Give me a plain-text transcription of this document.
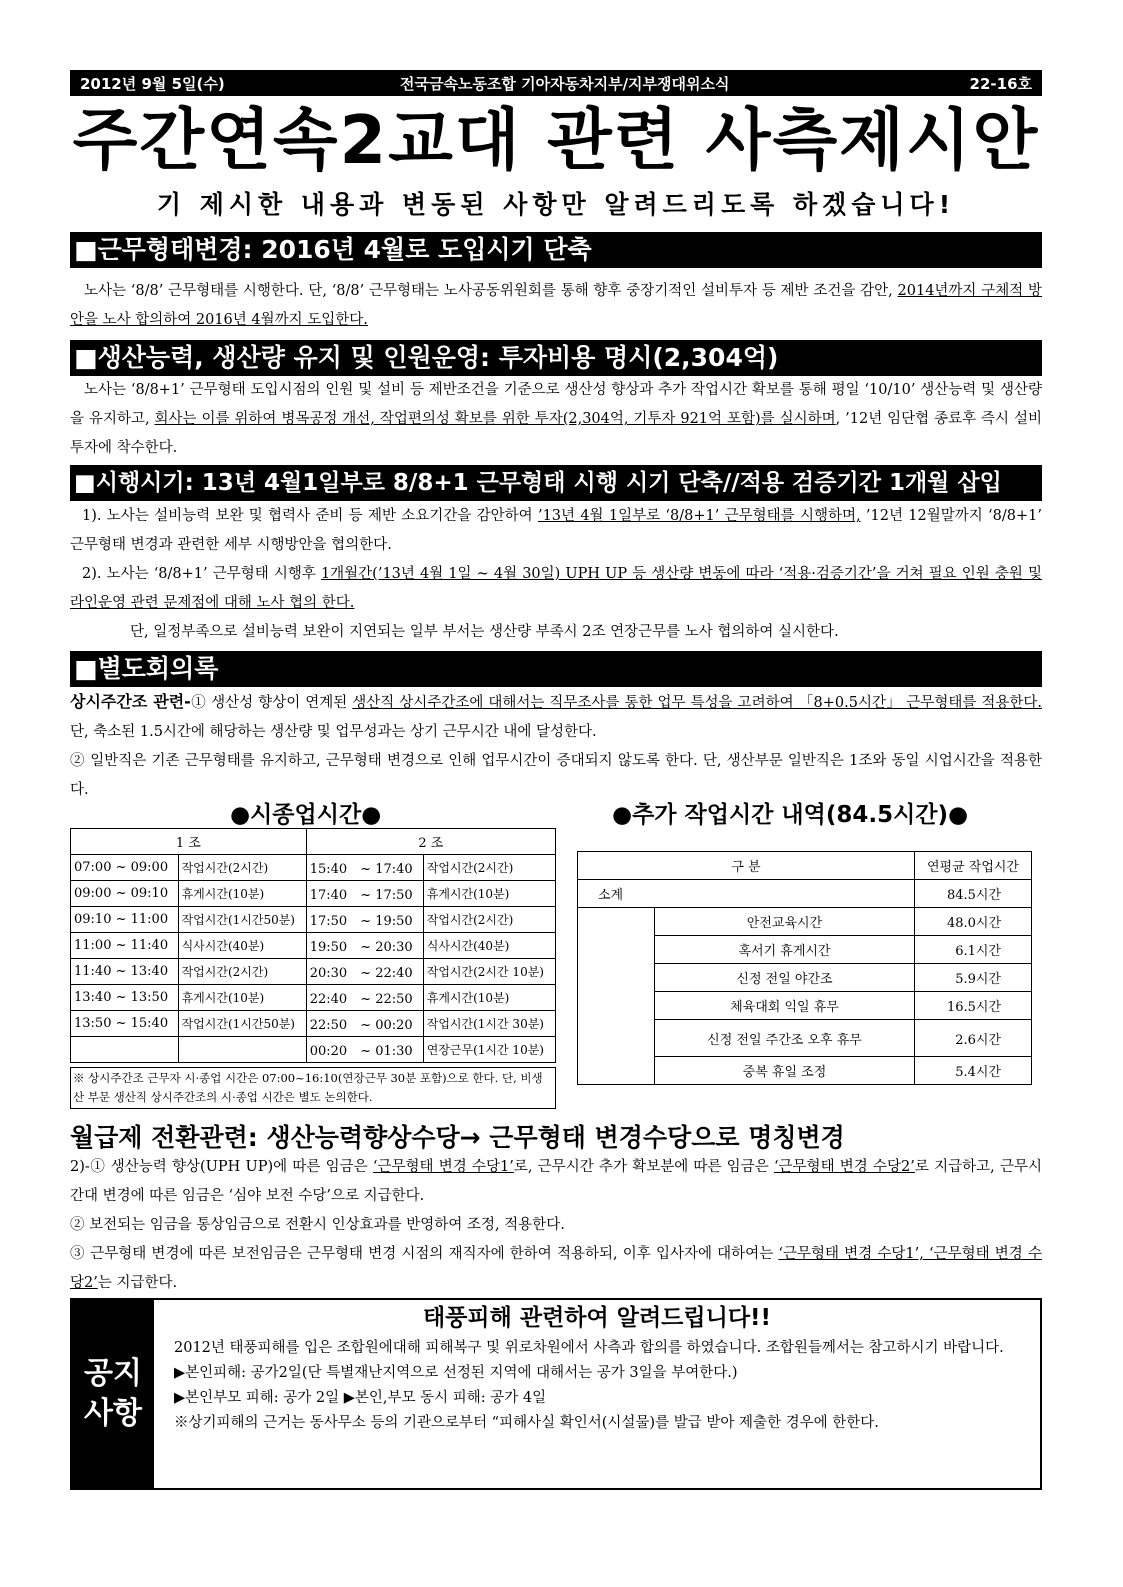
2012년 9월 5일(수)	전국금속노동조합 기아자동차지부/지부쟁대위소식	22-16호
주간연속2교대 관련 사측제시안
기 제시한 내용과 변동된 사항만 알려드리도록 하겠습니다!
■근무형태변경: 2016년 4월로 도입시기 단축

노사는 ‘8/8’ 근무형태를 시행한다. 단, ‘8/8’ 근무형태는 노사공동위원회를 통해 향후 중장기적인 설비투자 등 제반 조건을 감안, 2014년까지 구체적 방안을 노사 합의하여 2016년 4월까지 도입한다.

■생산능력, 생산량 유지 및 인원운영: 투자비용 명시(2,304억)

노사는 ‘8/8+1’ 근무형태 도입시점의 인원 및 설비 등 제반조건을 기준으로 생산성 향상과 추가 작업시간 확보를 통해 평일 ‘10/10’ 생산능력 및 생산량을 유지하고, 회사는 이를 위하여 병목공정 개선, 작업편의성 확보를 위한 투자(2,304억, 기투자 921억 포함)를 실시하며, ’12년 임단협 종료후 즉시 설비투자에 착수한다.

■시행시기: 13년 4월1일부로 8/8+1 근무형태 시행 시기 단축//적용 검증기간 1개월 삽입

1). 노사는 설비능력 보완 및 협력사 준비 등 제반 소요기간을 감안하여 ’13년 4월 1일부로 ‘8/8+1’ 근무형태를 시행하며, ’12년 12월말까지 ‘8/8+1’ 근무형태 변경과 관련한 세부 시행방안을 협의한다.

2). 노사는 ‘8/8+1’ 근무형태 시행후 1개월간(’13년 4월 1일 ~ 4월 30일) UPH UP 등 생산량 변동에 따라 ‘적용·검증기간’을 거쳐 필요 인원 충원 및 라인운영 관련 문제점에 대해 노사 협의 한다.

단, 일정부족으로 설비능력 보완이 지연되는 일부 부서는 생산량 부족시 2조 연장근무를 노사 협의하여 실시한다.

■별도회의록

상시주간조 관련-① 생산성 향상이 연계된 생산직 상시주간조에 대해서는 직무조사를 통한 업무 특성을 고려하여 「8+0.5시간」 근무형태를 적용한다. 단, 축소된 1.5시간에 해당하는 생산량 및 업무성과는 상기 근무시간 내에 달성한다.

② 일반직은 기존 근무형태를 유지하고, 근무형태 변경으로 인해 업무시간이 증대되지 않도록 한다. 단, 생산부문 일반직은 1조와 동일 시업시간을 적용한다.

●시종업시간●
1 조		2 조	
07:00 ~ 09:00	작업시간(2시간)	15:40　~ 17:40	작업시간(2시간)
09:00 ~ 09:10	휴게시간(10분)	17:40　~ 17:50	휴게시간(10분)
09:10 ~ 11:00	작업시간(1시간50분)	17:50　~ 19:50	작업시간(2시간)
11:00 ~ 11:40	식사시간(40분)	19:50　~ 20:30	식사시간(40분)
11:40 ~ 13:40	작업시간(2시간)	20:30　~ 22:40	작업시간(2시간 10분)
13:40 ~ 13:50	휴게시간(10분)	22:40　~ 22:50	휴게시간(10분)
13:50 ~ 15:40	작업시간(1시간50분)	22:50　~ 00:20	작업시간(1시간 30분)
		00:20　~ 01:30	연장근무(1시간 10분)
※ 상시주간조 근무자 시·종업 시간은 07:00~16:10(연장근무 30분 포함)으로 한다. 단, 비생산 부문 생산직 상시주간조의 시·종업 시간은 별도 논의한다.
●추가 작업시간 내역(84.5시간)●
구 분		연평균 작업시간
소계		84.5시간
	안전교육시간	48.0시간
	혹서기 휴게시간	6.1시간
	신정 전일 야간조	5.9시간
	체육대회 익일 휴무	16.5시간
	신정 전일 주간조 오후 휴무	2.6시간
	중복 휴일 조정	5.4시간
월급제 전환관련: 생산능력향상수당→ 근무형태 변경수당으로 명칭변경

2)-① 생산능력 향상(UPH UP)에 따른 임금은 ‘근무형태 변경 수당1’로, 근무시간 추가 확보분에 따른 임금은 ‘근무형태 변경 수당2’로 지급하고, 근무시간대 변경에 따른 임금은 ‘심야 보전 수당’으로 지급한다.

② 보전되는 임금을 통상임금으로 전환시 인상효과를 반영하여 조정, 적용한다.

③ 근무형태 변경에 따른 보전임금은 근무형태 변경 시점의 재직자에 한하여 적용하되, 이후 입사자에 대하여는 ‘근무형태 변경 수당1’, ‘근무형태 변경 수당2’는 지급한다.

공지
사항
태풍피해 관련하여 알려드립니다!!

2012년 태풍피해를 입은 조합원에대해 피해복구 및 위로차원에서 사측과 합의를 하였습니다. 조합원들께서는 참고하시기 바랍니다.

▶본인피해: 공가2일(단 특별재난지역으로 선정된 지역에 대해서는 공가 3일을 부여한다.)

▶본인부모 피해: 공가 2일 ▶본인,부모 동시 피해: 공가 4일

※상기피해의 근거는 동사무소 등의 기관으로부터 “피해사실 확인서(시설물)를 발급 받아 제출한 경우에 한한다.
